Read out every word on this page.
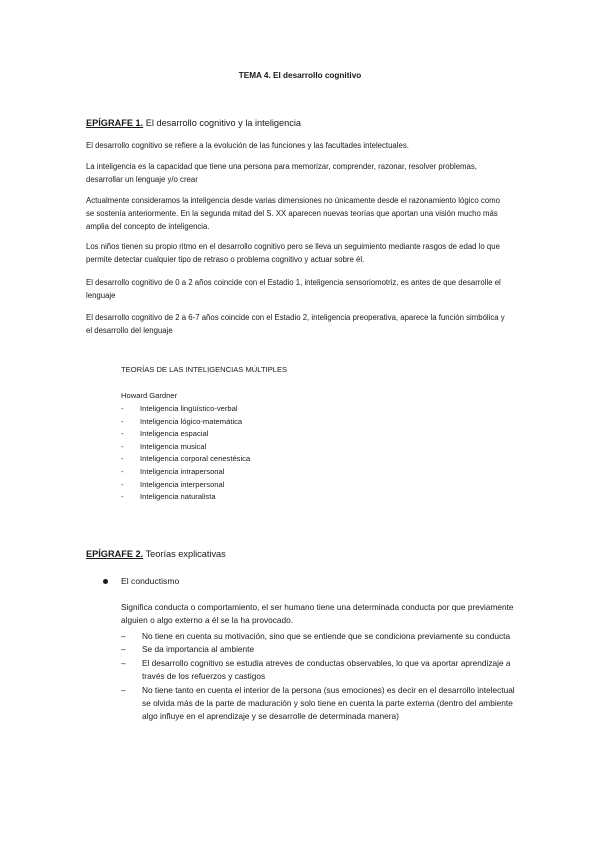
TEMA 4. El desarrollo cognitivo
EPÍGRAFE 1. El desarrollo cognitivo y la inteligencia
El desarrollo cognitivo se refiere a la evolución de las funciones y las facultades intelectuales.
La inteligencia es la capacidad que tiene una persona para memorizar, comprender, razonar, resolver problemas, desarrollar un lenguaje y/o crear
Actualmente consideramos la inteligencia desde varias dimensiones no únicamente desde el razonamiento lógico como se sostenía anteriormente. En la segunda mitad del S. XX aparecen nuevas teorías que aportan una visión mucho más amplia del concepto de inteligencia.
Los niños tienen su propio ritmo en el desarrollo cognitivo pero se lleva un seguimiento mediante rasgos de edad lo que permite detectar cualquier tipo de retraso o problema cognitivo y actuar sobre él.
El desarrollo cognitivo de 0 a 2 años coincide con el Estadio 1, inteligencia sensoriomotriz, es antes de que desarrolle el lenguaje
El desarrollo cognitivo de 2 a 6-7 años coincide con el Estadio 2, inteligencia preoperativa, aparece la función simbólica y el desarrollo del lenguaje
TEORÍAS DE LAS INTELIGENCIAS MÚLTIPLES
Howard Gardner
-	Inteligencia lingüístico-verbal
-	Inteligencia lógico-matemática
-	Inteligencia espacial
-	Inteligencia musical
-	Inteligencia corporal cenestésica
-	Inteligencia intrapersonal
-	Inteligencia interpersonal
-	Inteligencia naturalista
EPÍGRAFE 2. Teorías explicativas
El conductismo
Significa conducta o comportamiento, el ser humano tiene una determinada conducta por que previamente alguien o algo externo a él se la ha provocado.
–	No tiene en cuenta su motivación, sino que se entiende que se condiciona previamente su conducta
–	Se da importancia al ambiente
–	El desarrollo cognitivo se estudia atreves de conductas observables, lo que va aportar aprendizaje a través de los refuerzos y castigos
–	No tiene tanto en cuenta el interior de la persona (sus emociones) es decir en el desarrollo intelectual se olvida más de la parte de maduración y solo tiene en cuenta la parte externa (dentro del ambiente algo influye en el aprendizaje y se desarrolle de determinada manera)
